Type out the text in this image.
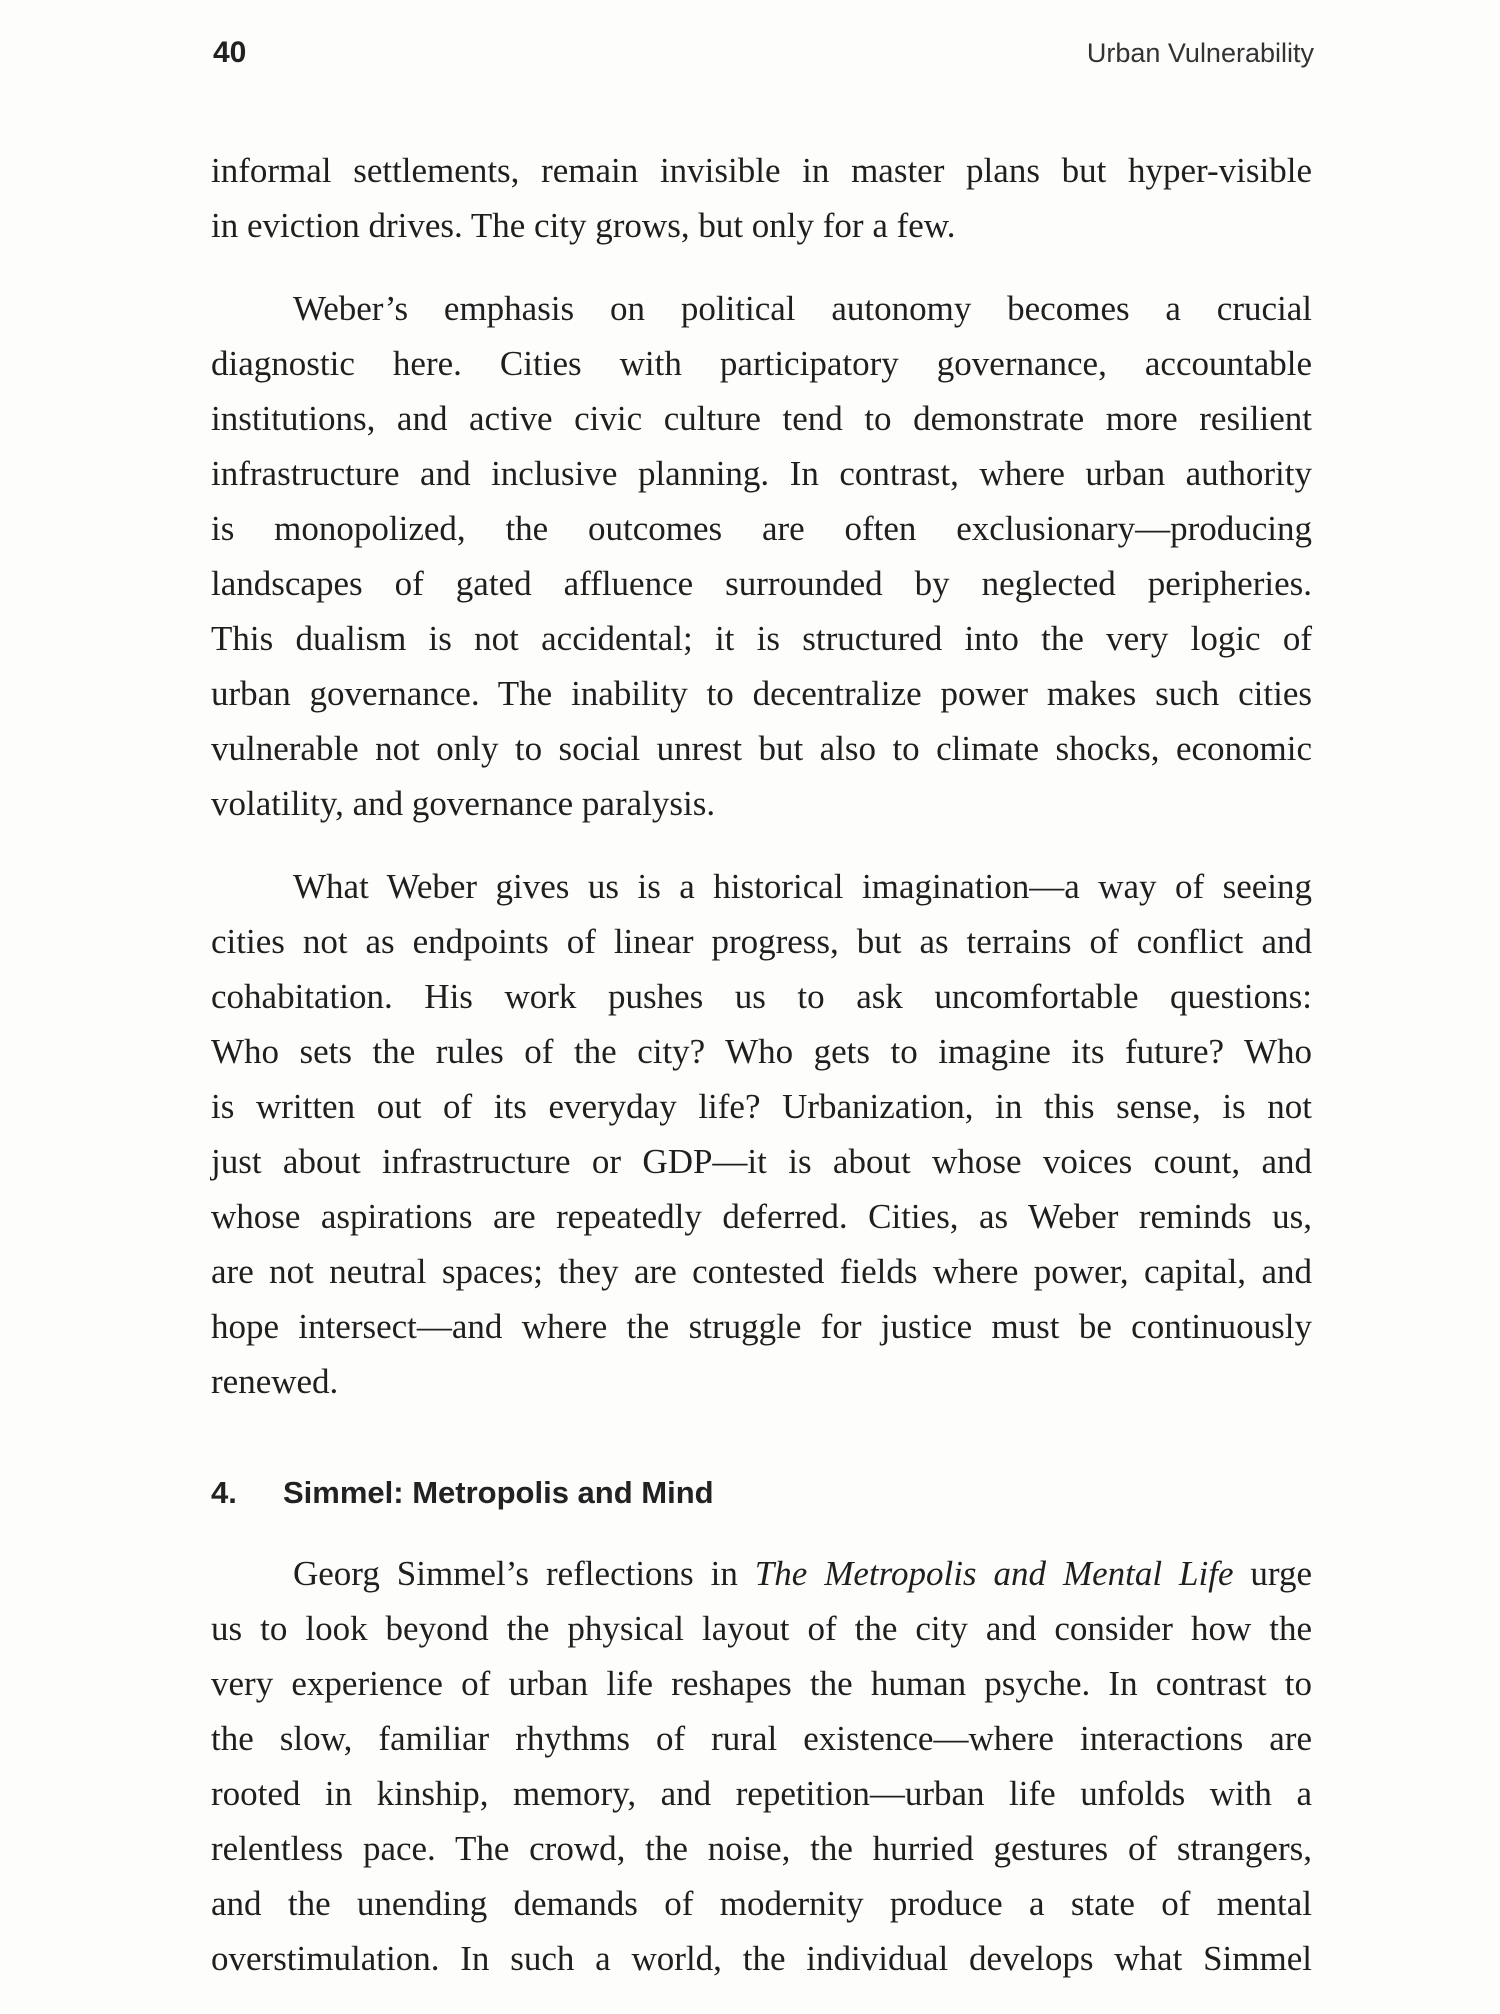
40	Urban Vulnerability
informal settlements, remain invisible in master plans but hyper-visible
in eviction drives. The city grows, but only for a few.
Weber’s emphasis on political autonomy becomes a crucial
diagnostic here. Cities with participatory governance, accountable
institutions, and active civic culture tend to demonstrate more resilient
infrastructure and inclusive planning. In contrast, where urban authority
is monopolized, the outcomes are often exclusionary—producing
landscapes of gated affluence surrounded by neglected peripheries.
This dualism is not accidental; it is structured into the very logic of
urban governance. The inability to decentralize power makes such cities
vulnerable not only to social unrest but also to climate shocks, economic
volatility, and governance paralysis.
What Weber gives us is a historical imagination—a way of seeing
cities not as endpoints of linear progress, but as terrains of conflict and
cohabitation. His work pushes us to ask uncomfortable questions:
Who sets the rules of the city? Who gets to imagine its future? Who
is written out of its everyday life? Urbanization, in this sense, is not
just about infrastructure or GDP—it is about whose voices count, and
whose aspirations are repeatedly deferred. Cities, as Weber reminds us,
are not neutral spaces; they are contested fields where power, capital, and
hope intersect—and where the struggle for justice must be continuously
renewed.
4. Simmel: Metropolis and Mind
Georg Simmel’s reflections in The Metropolis and Mental Life urge
us to look beyond the physical layout of the city and consider how the
very experience of urban life reshapes the human psyche. In contrast to
the slow, familiar rhythms of rural existence—where interactions are
rooted in kinship, memory, and repetition—urban life unfolds with a
relentless pace. The crowd, the noise, the hurried gestures of strangers,
and the unending demands of modernity produce a state of mental
overstimulation. In such a world, the individual develops what Simmel
